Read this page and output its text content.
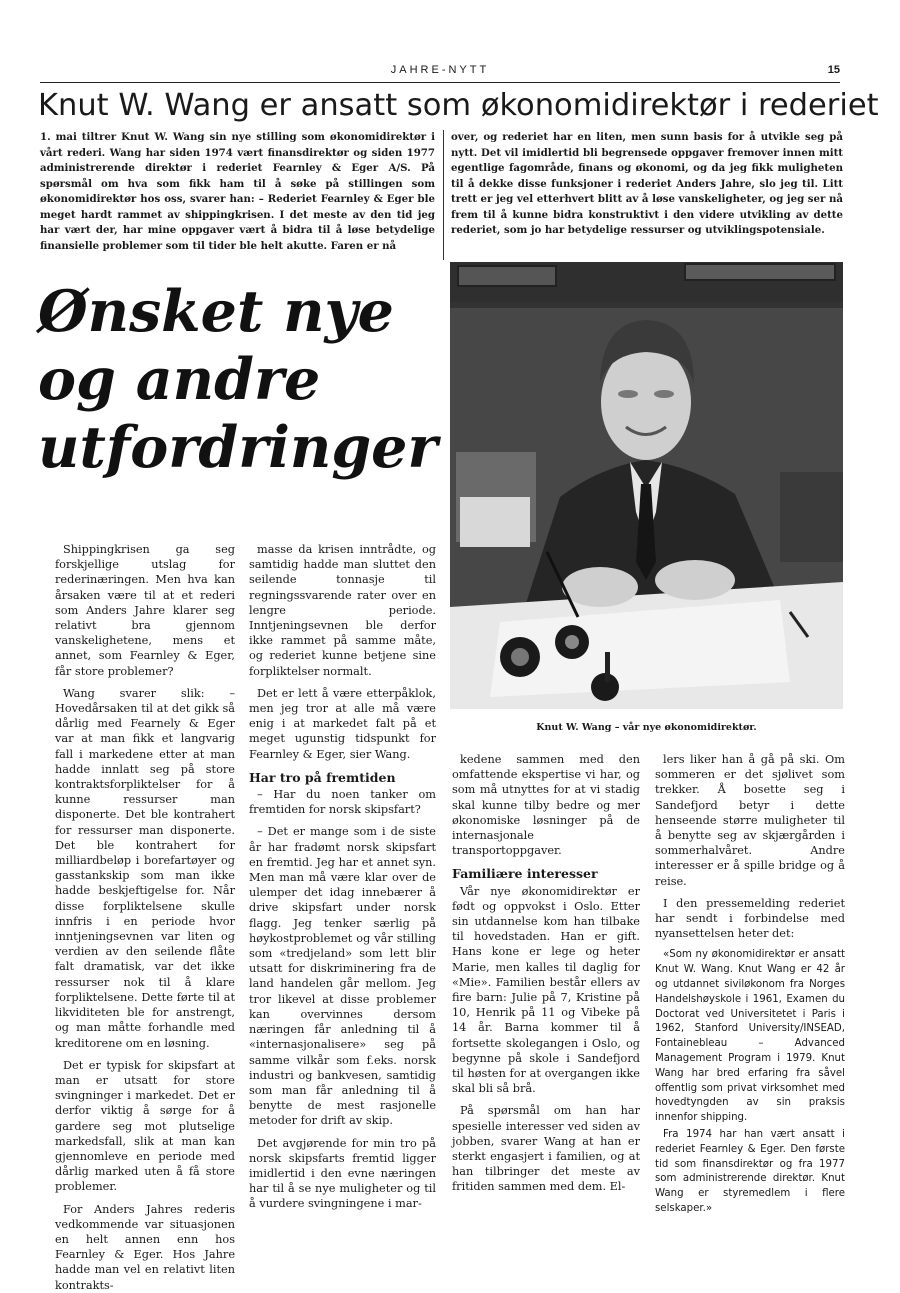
JAHRE-NYTT	15
Knut W. Wang er ansatt som økonomidirektør i rederiet

1. mai tiltrer Knut W. Wang sin nye stilling som økonomidirektør i vårt rederi. Wang har siden 1974 vært finansdirektør og siden 1977 administrerende direktør i rederiet Fearnley & Eger A/S. På spørsmål om hva som fikk ham til å søke på stillingen som økonomidirektør hos oss, svarer han: – Rederiet Fearnley & Eger ble meget hardt rammet av shippingkrisen. I det meste av den tid jeg har vært der, har mine oppgaver vært å bidra til å løse betydelige finansielle problemer som til tider ble helt akutte. Faren er nå

over, og rederiet har en liten, men sunn basis for å utvikle seg på nytt. Det vil imidlertid bli begrensede oppgaver fremover innen mitt egentlige fagområde, finans og økonomi, og da jeg fikk muligheten til å dekke disse funksjoner i rederiet Anders Jahre, slo jeg til. Litt trett er jeg vel etterhvert blitt av å løse vanskeligheter, og jeg ser nå frem til å kunne bidra konstruktivt i den videre utvikling av dette rederiet, som jo har betydelige ressurser og utviklingspotensiale.

Ønsket nye
og andre
utfordringer
Knut W. Wang – vår nye økonomidirektør.

Shippingkrisen ga seg forskjellige utslag for rederinæringen. Men hva kan årsaken være til at et rederi som Anders Jahre klarer seg relativt bra gjennom vanskelighetene, mens et annet, som Fearnley & Eger, får store problemer?

Wang svarer slik: – Hovedårsaken til at det gikk så dårlig med Fearnely & Eger var at man fikk et langvarig fall i markedene etter at man hadde innlatt seg på store kontraktsforpliktelser for å kunne ressurser man disponerte. Det ble kontrahert for ressurser man disponerte. Det ble kontrahert for milliardbeløp i borefartøyer og gasstankskip som man ikke hadde beskjeftigelse for. Når disse forpliktelsene skulle innfris i en periode hvor inntjeningsevnen var liten og verdien av den seilende flåte falt dramatisk, var det ikke ressurser nok til å klare forpliktelsene. Dette førte til at likviditeten ble for anstrengt, og man måtte forhandle med kreditorene om en løsning.

Det er typisk for skipsfart at man er utsatt for store svingninger i markedet. Det er derfor viktig å sørge for å gardere seg mot plutselige markedsfall, slik at man kan gjennomleve en periode med dårlig marked uten å få store problemer.

For Anders Jahres rederis vedkommende var situasjonen en helt annen enn hos Fearnley & Eger. Hos Jahre hadde man vel en relativt liten kontrakts-

masse da krisen inntrådte, og samtidig hadde man sluttet den seilende tonnasje til regningssvarende rater over en lengre periode. Inntjeningsevnen ble derfor ikke rammet på samme måte, og rederiet kunne betjene sine forpliktelser normalt.

Det er lett å være etterpåklok, men jeg tror at alle må være enig i at markedet falt på et meget ugunstig tidspunkt for Fearnley & Eger, sier Wang.

Har tro på fremtiden

– Har du noen tanker om fremtiden for norsk skipsfart?

– Det er mange som i de siste år har fradømt norsk skipsfart en fremtid. Jeg har et annet syn. Men man må være klar over de ulemper det idag innebærer å drive skipsfart under norsk flagg. Jeg tenker særlig på høykostproblemet og vår stilling som «tredjeland» som lett blir utsatt for diskriminering fra de land handelen går mellom. Jeg tror likevel at disse problemer kan overvinnes dersom næringen får anledning til å «internasjonalisere» seg på samme vilkår som f.eks. norsk industri og bankvesen, samtidig som man får anledning til å benytte de mest rasjonelle metoder for drift av skip.

Det avgjørende for min tro på norsk skipsfarts fremtid ligger imidlertid i den evne næringen har til å se nye muligheter og til å vurdere svingningene i mar-

kedene sammen med den omfattende ekspertise vi har, og som må utnyttes for at vi stadig skal kunne tilby bedre og mer økonomiske løsninger på de internasjonale transportoppgaver.

Familiære interesser

Vår nye økonomidirektør er født og oppvokst i Oslo. Etter sin utdannelse kom han tilbake til hovedstaden. Han er gift. Hans kone er lege og heter Marie, men kalles til daglig for «Mie». Familien består ellers av fire barn: Julie på 7, Kristine på 10, Henrik på 11 og Vibeke på 14 år. Barna kommer til å fortsette skolegangen i Oslo, og begynne på skole i Sandefjord til høsten for at overgangen ikke skal bli så brå.

På spørsmål om han har spesielle interesser ved siden av jobben, svarer Wang at han er sterkt engasjert i familien, og at han tilbringer det meste av fritiden sammen med dem. El-

lers liker han å gå på ski. Om sommeren er det sjølivet som trekker. Å bosette seg i Sandefjord betyr i dette henseende større muligheter til å benytte seg av skjærgården i sommerhalvåret. Andre interesser er å spille bridge og å reise.

I den pressemelding rederiet har sendt i forbindelse med nyansettelsen heter det:

«Som ny økonomidirektør er ansatt Knut W. Wang. Knut Wang er 42 år og utdannet siviløkonom fra Norges Handelshøyskole i 1961, Examen du Doctorat ved Universitetet i Paris i 1962, Stanford University/INSEAD, Fontainebleau – Advanced Management Program i 1979. Knut Wang har bred erfaring fra såvel offentlig som privat virksomhet med hovedtyngden av sin praksis innenfor shipping.

Fra 1974 har han vært ansatt i rederiet Fearnley & Eger. Den første tid som finansdirektør og fra 1977 som administrerende direktør. Knut Wang er styremedlem i flere selskaper.»
